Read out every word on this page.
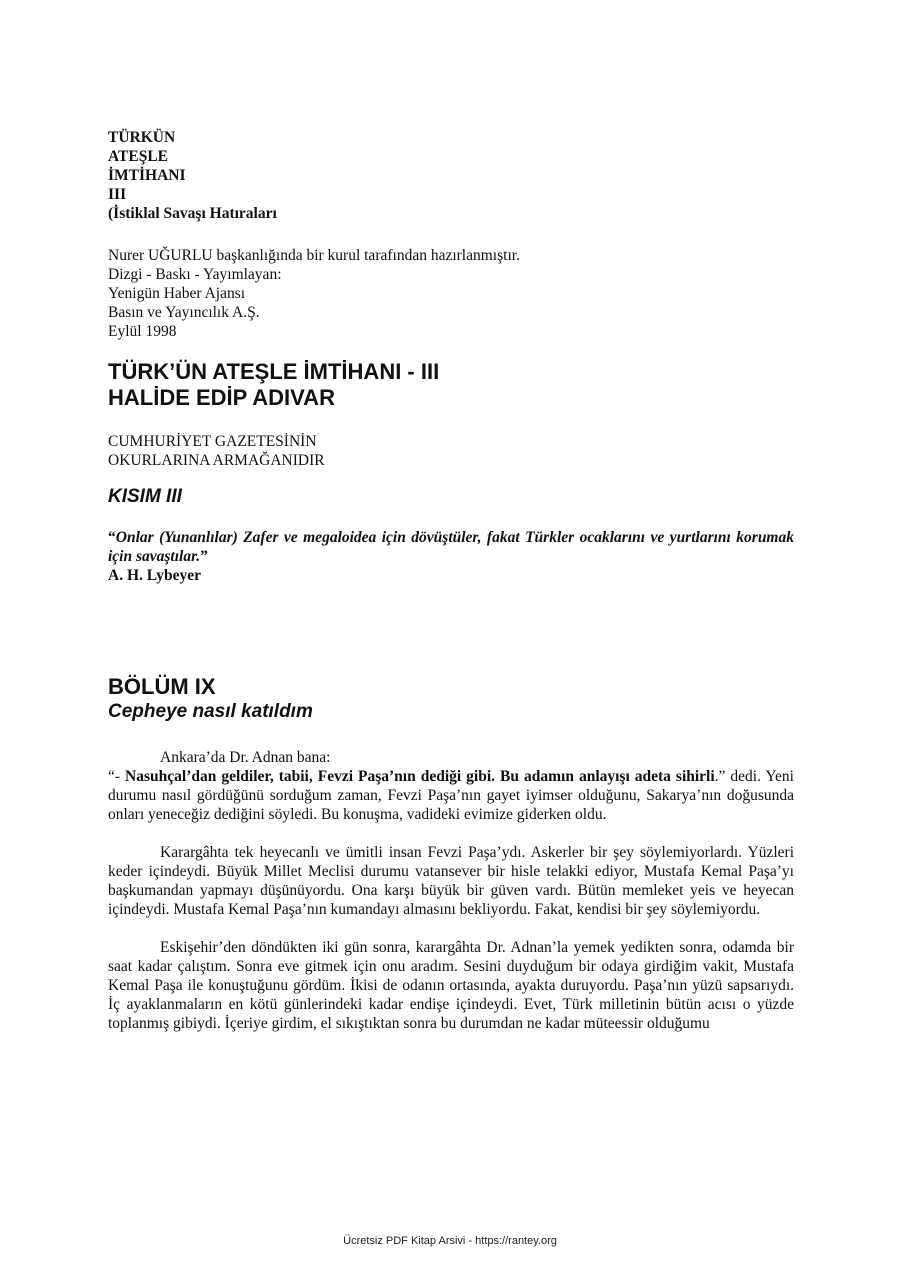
TÜRKÜN
ATEŞLE
İMTİHANI
III
(İstiklal Savaşı Hatıraları
Nurer UĞURLU başkanlığında bir kurul tarafından hazırlanmıştır.
Dizgi - Baskı - Yayımlayan:
Yenigün Haber Ajansı
Basın ve Yayıncılık A.Ş.
Eylül 1998
TÜRK’ÜN ATEŞLE İMTİHANI - III
HALİDE EDİP ADIVAR
CUMHURİYET GAZETESİNİN
OKURLARINA ARMAĞANIDIR
KISIM III
“Onlar (Yunanlılar) Zafer ve megaloidea için dövüştüler, fakat Türkler ocaklarını ve yurtlarını korumak için savaştılar.”
A. H. Lybeyer
BÖLÜM IX
Cepheye nasıl katıldım

Ankara’da Dr. Adnan bana:

“- Nasuhçal’dan geldiler, tabii, Fevzi Paşa’nın dediği gibi. Bu adamın anlayışı adeta sihirli.” dedi. Yeni durumu nasıl gördüğünü sorduğum zaman, Fevzi Paşa’nın gayet iyimser olduğunu, Sakarya’nın doğusunda onları yeneceğiz dediğini söyledi. Bu konuşma, vadideki evimize giderken oldu.

Karargâhta tek heyecanlı ve ümitli insan Fevzi Paşa’ydı. Askerler bir şey söylemiyorlardı. Yüzleri keder içindeydi. Büyük Millet Meclisi durumu vatansever bir hisle telakki ediyor, Mustafa Kemal Paşa’yı başkumandan yapmayı düşünüyordu. Ona karşı büyük bir güven vardı. Bütün memleket yeis ve heyecan içindeydi. Mustafa Kemal Paşa’nın kumandayı almasını bekliyordu. Fakat, kendisi bir şey söylemiyordu.

Eskişehir’den döndükten iki gün sonra, karargâhta Dr. Adnan’la yemek yedikten sonra, odamda bir saat kadar çalıştım. Sonra eve gitmek için onu aradım. Sesini duyduğum bir odaya girdiğim vakit, Mustafa Kemal Paşa ile konuştuğunu gördüm. İkisi de odanın ortasında, ayakta duruyordu. Paşa’nın yüzü sapsarıydı. İç ayaklanmaların en kötü günlerindeki kadar endişe içindeydi. Evet, Türk milletinin bütün acısı o yüzde toplanmış gibiydi. İçeriye girdim, el sıkıştıktan sonra bu durumdan ne kadar müteessir olduğumu

Ücretsiz PDF Kitap Arsivi - https://rantey.org
